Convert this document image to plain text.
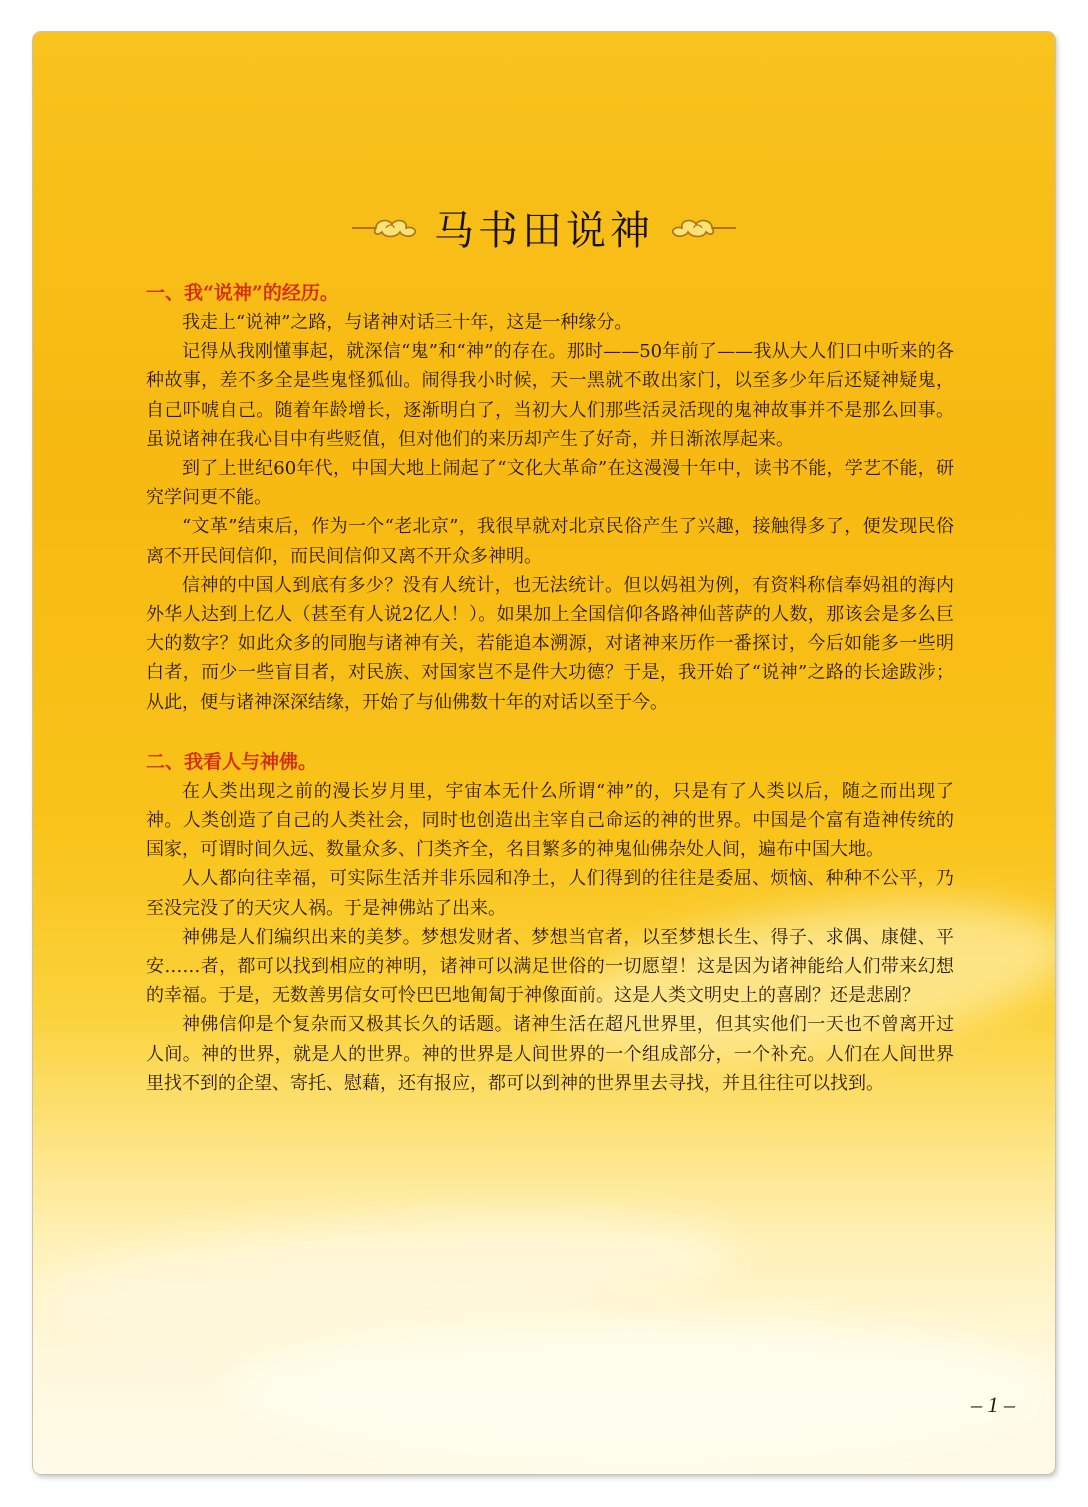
马书田说神
一、我“说神”的经历。

我走上“说神”之路，与诸神对话三十年，这是一种缘分。

记得从我刚懂事起，就深信“鬼”和“神”的存在。那时——50年前了——我从大人们口中听来的各种故事，差不多全是些鬼怪狐仙。闹得我小时候，天一黑就不敢出家门，以至多少年后还疑神疑鬼，自己吓唬自己。随着年龄增长，逐渐明白了，当初大人们那些活灵活现的鬼神故事并不是那么回事。虽说诸神在我心目中有些贬值，但对他们的来历却产生了好奇，并日渐浓厚起来。

到了上世纪60年代，中国大地上闹起了“文化大革命”在这漫漫十年中，读书不能，学艺不能，研究学问更不能。

“文革”结束后，作为一个“老北京”，我很早就对北京民俗产生了兴趣，接触得多了，便发现民俗离不开民间信仰，而民间信仰又离不开众多神明。

信神的中国人到底有多少？没有人统计，也无法统计。但以妈祖为例，有资料称信奉妈祖的海内外华人达到上亿人（甚至有人说2亿人！）。如果加上全国信仰各路神仙菩萨的人数，那该会是多么巨大的数字？如此众多的同胞与诸神有关，若能追本溯源，对诸神来历作一番探讨，今后如能多一些明白者，而少一些盲目者，对民族、对国家岂不是件大功德？于是，我开始了“说神”之路的长途跋涉；从此，便与诸神深深结缘，开始了与仙佛数十年的对话以至于今。

二、我看人与神佛。

在人类出现之前的漫长岁月里，宇宙本无什么所谓“神”的，只是有了人类以后，随之而出现了神。人类创造了自己的人类社会，同时也创造出主宰自己命运的神的世界。中国是个富有造神传统的国家，可谓时间久远、数量众多、门类齐全，名目繁多的神鬼仙佛杂处人间，遍布中国大地。

人人都向往幸福，可实际生活并非乐园和净土，人们得到的往往是委屈、烦恼、种种不公平，乃至没完没了的天灾人祸。于是神佛站了出来。

神佛是人们编织出来的美梦。梦想发财者、梦想当官者，以至梦想长生、得子、求偶、康健、平安……者，都可以找到相应的神明，诸神可以满足世俗的一切愿望！这是因为诸神能给人们带来幻想的幸福。于是，无数善男信女可怜巴巴地匍匐于神像面前。这是人类文明史上的喜剧？还是悲剧？

神佛信仰是个复杂而又极其长久的话题。诸神生活在超凡世界里，但其实他们一天也不曾离开过人间。神的世界，就是人的世界。神的世界是人间世界的一个组成部分，一个补充。人们在人间世界里找不到的企望、寄托、慰藉，还有报应，都可以到神的世界里去寻找，并且往往可以找到。

– 1 –
